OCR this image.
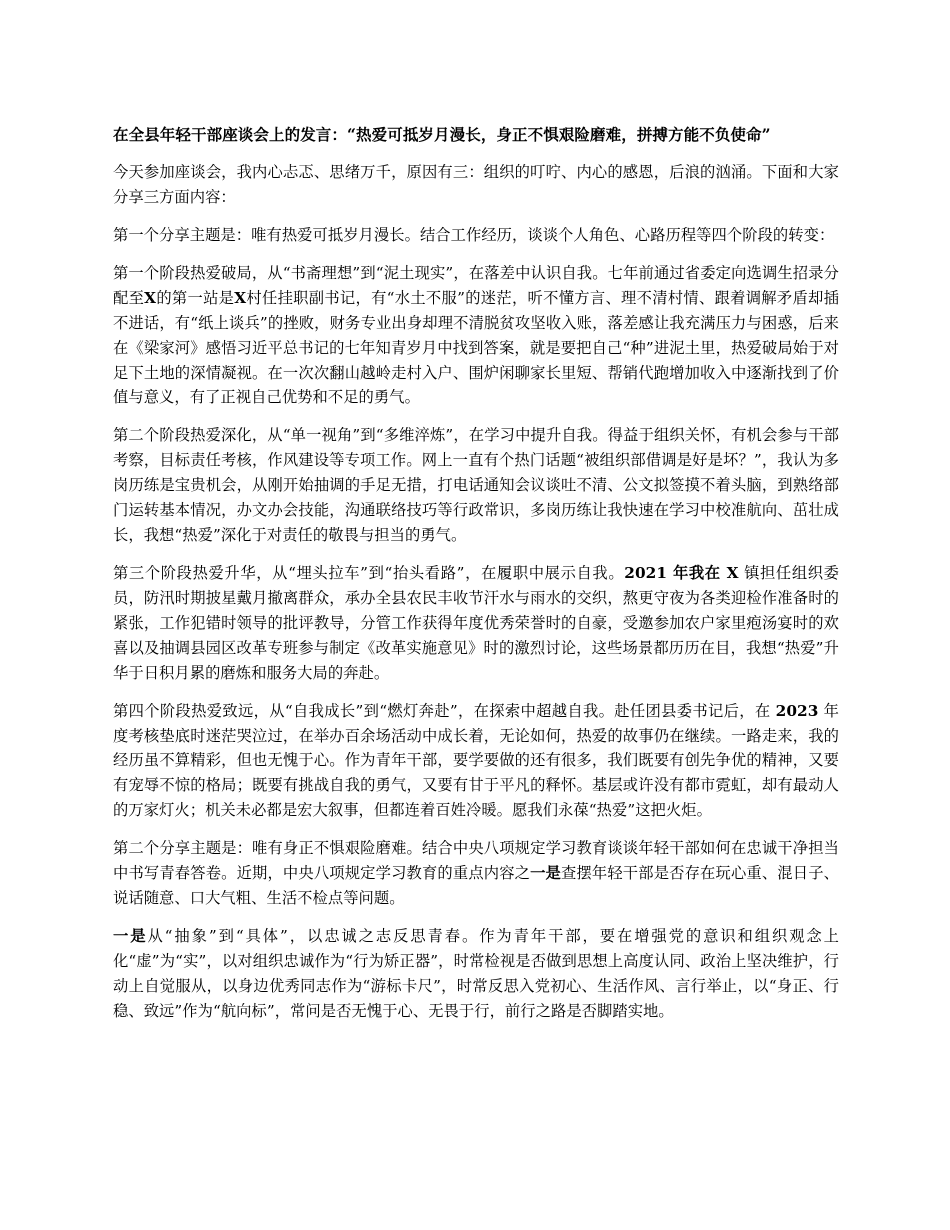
在全县年轻干部座谈会上的发言：“热爱可抵岁月漫长，身正不惧艰险磨难，拼搏方能不负使命”
今天参加座谈会，我内心忐忑、思绪万千，原因有三：组织的叮咛、内心的感恩，后浪的汹涌。下面和大家分享三方面内容：
第一个分享主题是：唯有热爱可抵岁月漫长。结合工作经历，谈谈个人角色、心路历程等四个阶段的转变：
第一个阶段热爱破局，从“书斋理想”到“泥土现实”，在落差中认识自我。七年前通过省委定向选调生招录分配至X的第一站是X村任挂职副书记，有“水土不服”的迷茫，听不懂方言、理不清村情、跟着调解矛盾却插不进话，有“纸上谈兵”的挫败，财务专业出身却理不清脱贫攻坚收入账，落差感让我充满压力与困惑，后来在《梁家河》感悟习近平总书记的七年知青岁月中找到答案，就是要把自己“种”进泥土里，热爱破局始于对足下土地的深情凝视。在一次次翻山越岭走村入户、围炉闲聊家长里短、帮销代跑增加收入中逐渐找到了价值与意义，有了正视自己优势和不足的勇气。
第二个阶段热爱深化，从“单一视角”到“多维淬炼”，在学习中提升自我。得益于组织关怀，有机会参与干部考察，目标责任考核，作风建设等专项工作。网上一直有个热门话题“被组织部借调是好是坏？”，我认为多岗历练是宝贵机会，从刚开始抽调的手足无措，打电话通知会议谈吐不清、公文拟签摸不着头脑，到熟络部门运转基本情况，办文办会技能，沟通联络技巧等行政常识，多岗历练让我快速在学习中校准航向、茁壮成长，我想“热爱”深化于对责任的敬畏与担当的勇气。
第三个阶段热爱升华，从“埋头拉车”到“抬头看路”，在履职中展示自我。2021 年我在 X 镇担任组织委员，防汛时期披星戴月撤离群众，承办全县农民丰收节汗水与雨水的交织，熬更守夜为各类迎检作准备时的紧张，工作犯错时领导的批评教导，分管工作获得年度优秀荣誉时的自豪，受邀参加农户家里疱汤宴时的欢喜以及抽调县园区改革专班参与制定《改革实施意见》时的激烈讨论，这些场景都历历在目，我想“热爱”升华于日积月累的磨炼和服务大局的奔赴。
第四个阶段热爱致远，从“自我成长”到“燃灯奔赴”，在探索中超越自我。赴任团县委书记后，在 2023 年度考核垫底时迷茫哭泣过，在举办百余场活动中成长着，无论如何，热爱的故事仍在继续。一路走来，我的经历虽不算精彩，但也无愧于心。作为青年干部，要学要做的还有很多，我们既要有创先争优的精神，又要有宠辱不惊的格局；既要有挑战自我的勇气，又要有甘于平凡的释怀。基层或许没有都市霓虹，却有最动人的万家灯火；机关未必都是宏大叙事，但都连着百姓冷暖。愿我们永葆“热爱”这把火炬。
第二个分享主题是：唯有身正不惧艰险磨难。结合中央八项规定学习教育谈谈年轻干部如何在忠诚干净担当中书写青春答卷。近期，中央八项规定学习教育的重点内容之一是查摆年轻干部是否存在玩心重、混日子、说话随意、口大气粗、生活不检点等问题。
一是从“抽象”到“具体”，以忠诚之志反思青春。作为青年干部，要在增强党的意识和组织观念上化“虚”为“实”，以对组织忠诚作为“行为矫正器”，时常检视是否做到思想上高度认同、政治上坚决维护，行动上自觉服从，以身边优秀同志作为“游标卡尺”，时常反思入党初心、生活作风、言行举止，以“身正、行稳、致远”作为“航向标”，常问是否无愧于心、无畏于行，前行之路是否脚踏实地。
